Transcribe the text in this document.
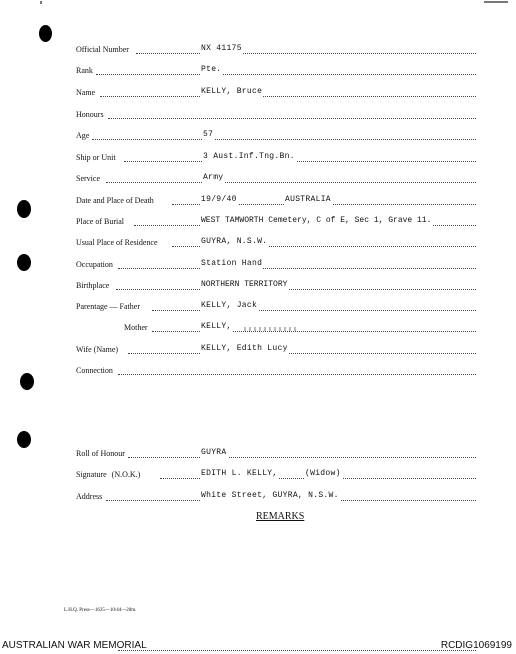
Official Number	NX 41175
Rank	Pte.
Name	KELLY, Bruce
Honours
Age	57
Ship or Unit	3 Aust.Inf.Tng.Bn.
Service	Army
Date and Place of Death	19/9/40	AUSTRALIA
Place of Burial	WEST TAMWORTH Cemetery, C of E, Sec 1, Grave 11.
Usual Place of Residence	GUYRA, N.S.W.
Occupation	Station Hand
Birthplace	NORTHERN TERRITORY
Parentage — Father	KELLY, Jack
Mother	KELLY,
Wife (Name)	KELLY, Edith Lucy
Connection
Roll of Honour	GUYRA
Signature (N.O.K.)	EDITH L. KELLY,	(Widow)
Address	White Street, GUYRA, N.S.W.
REMARKS
L.H.Q. Press—1635—10/44—20m.
AUSTRALIAN WAR MEMORIAL	RCDIG1069199
